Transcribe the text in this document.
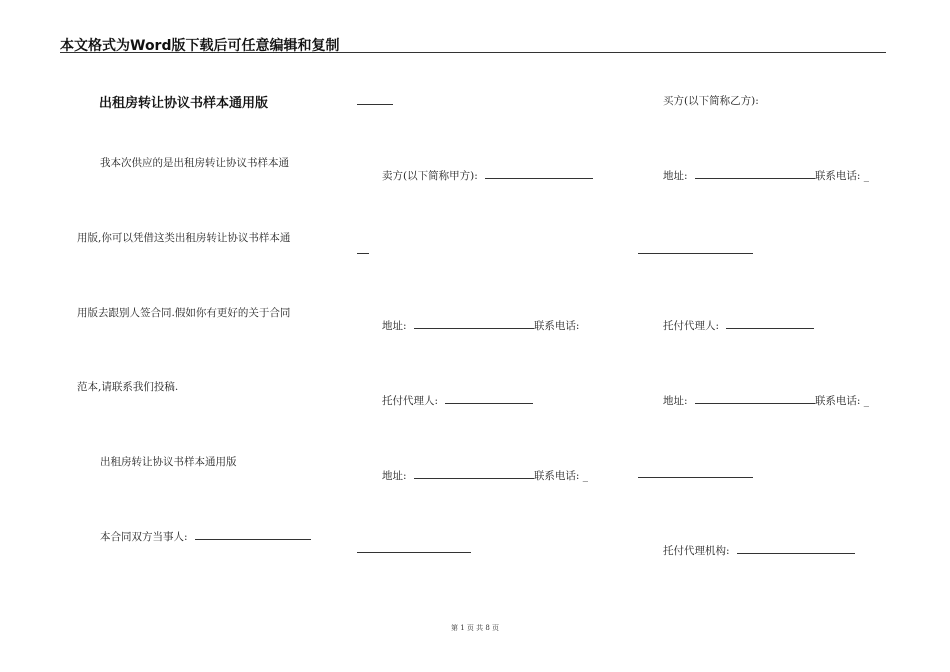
本文格式为Word版下载后可任意编辑和复制
出租房转让协议书样本通用版
我本次供应的是出租房转让协议书样本通
用版,你可以凭借这类出租房转让协议书样本通
用版去跟别人签合同.假如你有更好的关于合同
范本,请联系我们投稿.
出租房转让协议书样本通用版
本合同双方当事人:
卖方(以下简称甲方):
地址:	联系电话:
托付代理人:
地址:	联系电话: _
买方(以下简称乙方):
地址:	联系电话: _
托付代理人:
地址:	联系电话: _
托付代理机构:
第 1 页 共 8 页
